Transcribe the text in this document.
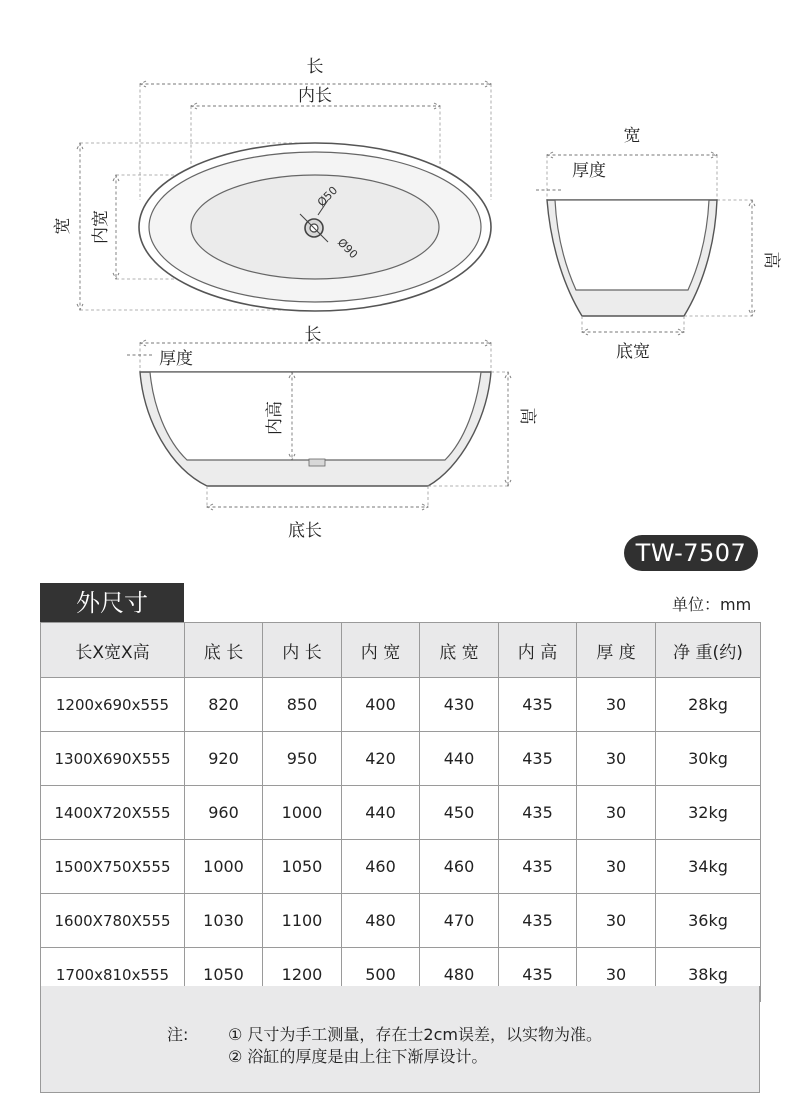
长
内长
宽 内宽
Ø50
Ø90
宽
厚度
高
底宽
长
厚度
内高	高
底长
TW-7507
外尺寸	单位：mm
长X宽X高	底 长	内 长	内 宽	底 宽	内 高	厚 度	净 重(约)
1200x690x555	820	850	400	430	435	30	28kg
1300X690X555	920	950	420	440	435	30	30kg
1400X720X555	960	1000	440	450	435	30	32kg
1500X750X555	1000	1050	460	460	435	30	34kg
1600X780X555	1030	1100	480	470	435	30	36kg
1700x810x555	1050	1200	500	480	435	30	38kg
注: ① 尺寸为手工测量，存在士2cm误差，以实物为准。
② 浴缸的厚度是由上往下渐厚设计。
